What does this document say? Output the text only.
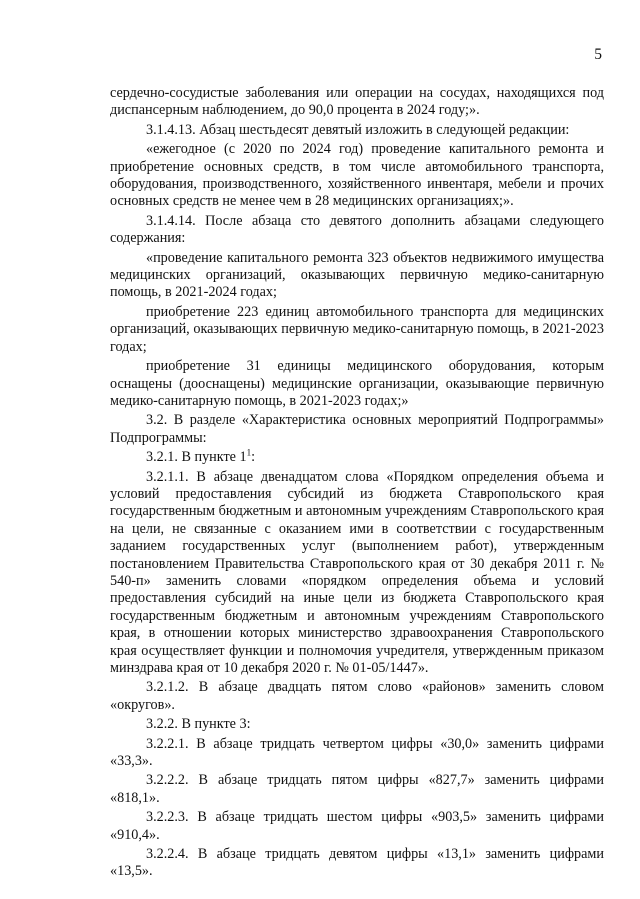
5

сердечно-сосудистые заболевания или операции на сосудах, находящихся под диспансерным наблюдением, до 90,0 процента в 2024 году;».

3.1.4.13. Абзац шестьдесят девятый изложить в следующей редакции:

«ежегодное (с 2020 по 2024 год) проведение капитального ремонта и приобретение основных средств, в том числе автомобильного транспорта, оборудования, производственного, хозяйственного инвентаря, мебели и прочих основных средств не менее чем в 28 медицинских организациях;».

3.1.4.14. После абзаца сто девятого дополнить абзацами следующего содержания:

«проведение капитального ремонта 323 объектов недвижимого имущества медицинских организаций, оказывающих первичную медико-санитарную помощь, в 2021-2024 годах;

приобретение 223 единиц автомобильного транспорта для медицинских организаций, оказывающих первичную медико-санитарную помощь, в 2021-2023 годах;

приобретение 31 единицы медицинского оборудования, которым оснащены (дооснащены) медицинские организации, оказывающие первичную медико-санитарную помощь, в 2021-2023 годах;»

3.2. В разделе «Характеристика основных мероприятий Подпрограммы» Подпрограммы:

3.2.1. В пункте $1^1$:

3.2.1.1. В абзаце двенадцатом слова «Порядком определения объема и условий предоставления субсидий из бюджета Ставропольского края государственным бюджетным и автономным учреждениям Ставропольского края на цели, не связанные с оказанием ими в соответствии с государственным заданием государственных услуг (выполнением работ), утвержденным постановлением Правительства Ставропольского края от 30 декабря 2011 г. № 540-п» заменить словами «порядком определения объема и условий предоставления субсидий на иные цели из бюджета Ставропольского края государственным бюджетным и автономным учреждениям Ставропольского края, в отношении которых министерство здравоохранения Ставропольского края осуществляет функции и полномочия учредителя, утвержденным приказом минздрава края от 10 декабря 2020 г. № 01-05/1447».

3.2.1.2. В абзаце двадцать пятом слово «районов» заменить словом «округов».

3.2.2. В пункте 3:

3.2.2.1. В абзаце тридцать четвертом цифры «30,0» заменить цифрами «33,3».

3.2.2.2. В абзаце тридцать пятом цифры «827,7» заменить цифрами «818,1».

3.2.2.3. В абзаце тридцать шестом цифры «903,5» заменить цифрами «910,4».

3.2.2.4. В абзаце тридцать девятом цифры «13,1» заменить цифрами «13,5».
